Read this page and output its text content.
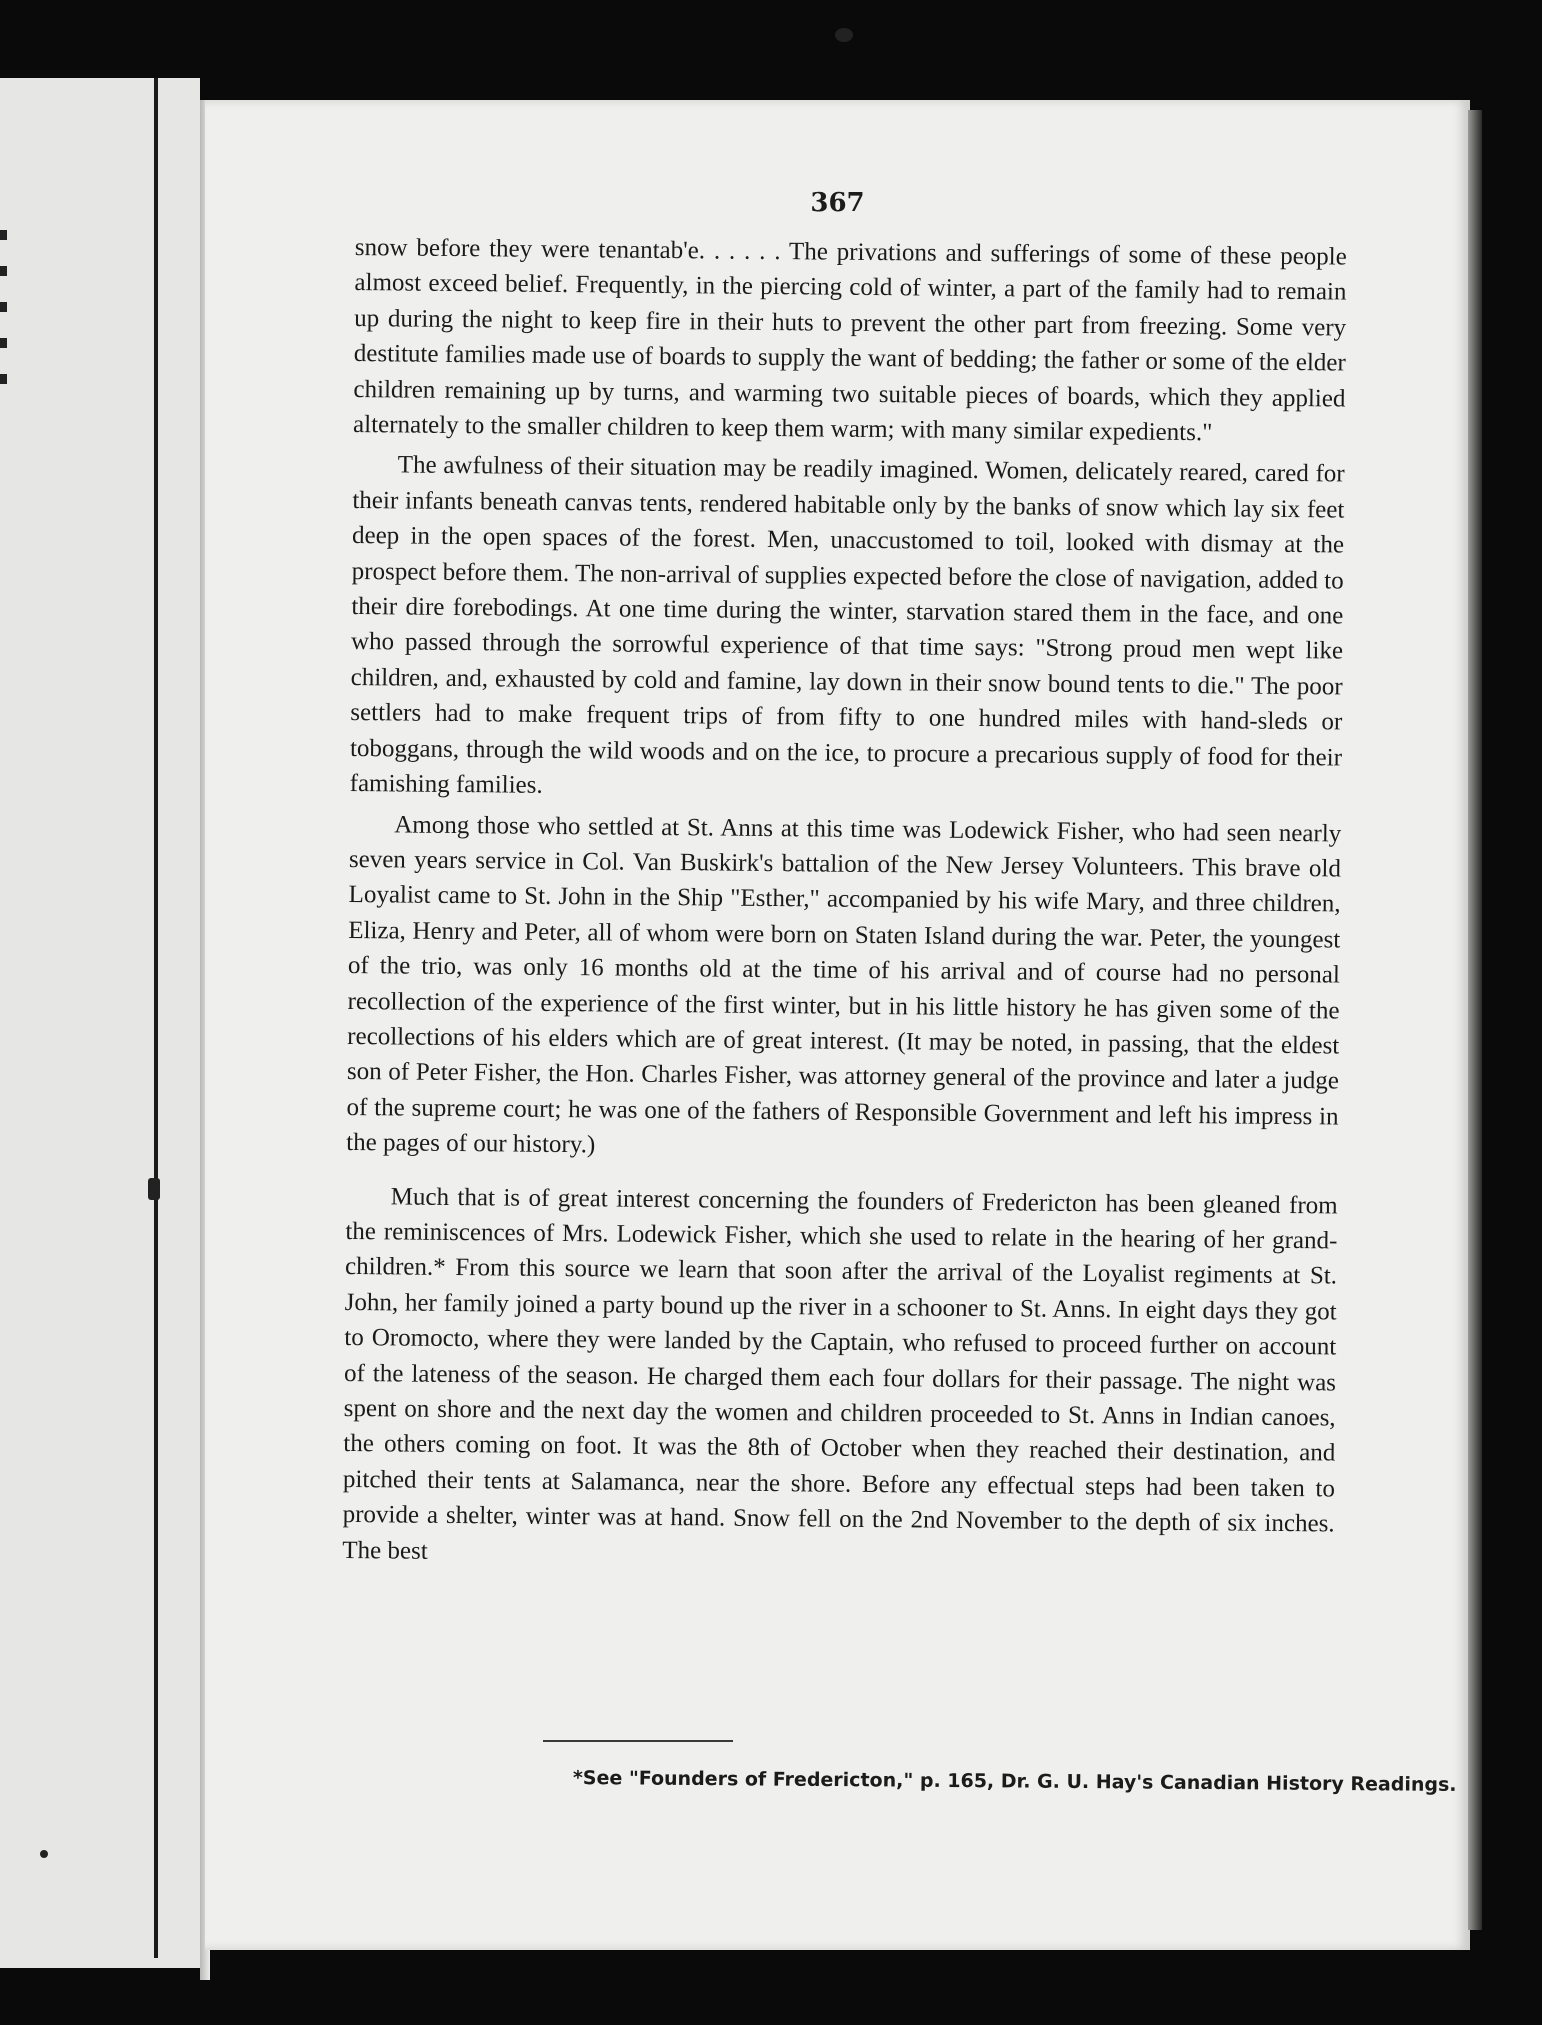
367

snow before they were tenantab'e. . . . . . The privations and sufferings of some of these people almost exceed belief. Frequently, in the piercing cold of winter, a part of the family had to remain up during the night to keep fire in their huts to prevent the other part from freezing. Some very destitute families made use of boards to supply the want of bedding; the father or some of the elder children remaining up by turns, and warming two suitable pieces of boards, which they applied alternately to the smaller children to keep them warm; with many similar expedients."

The awfulness of their situation may be readily imagined. Women, delicately reared, cared for their infants beneath canvas tents, rendered habitable only by the banks of snow which lay six feet deep in the open spaces of the forest. Men, unaccustomed to toil, looked with dismay at the prospect before them. The non-arrival of supplies expected before the close of navigation, added to their dire forebodings. At one time during the winter, starvation stared them in the face, and one who passed through the sorrowful experience of that time says: "Strong proud men wept like children, and, exhausted by cold and famine, lay down in their snow bound tents to die." The poor settlers had to make frequent trips of from fifty to one hundred miles with hand-sleds or toboggans, through the wild woods and on the ice, to procure a precarious supply of food for their famishing families.

Among those who settled at St. Anns at this time was Lodewick Fisher, who had seen nearly seven years service in Col. Van Buskirk's battalion of the New Jersey Volunteers. This brave old Loyalist came to St. John in the Ship "Esther," accompanied by his wife Mary, and three children, Eliza, Henry and Peter, all of whom were born on Staten Island during the war. Peter, the youngest of the trio, was only 16 months old at the time of his arrival and of course had no personal recollection of the experience of the first winter, but in his little history he has given some of the recollections of his elders which are of great interest. (It may be noted, in passing, that the eldest son of Peter Fisher, the Hon. Charles Fisher, was attorney general of the province and later a judge of the supreme court; he was one of the fathers of Responsible Government and left his impress in the pages of our history.)

Much that is of great interest concerning the founders of Fredericton has been gleaned from the reminiscences of Mrs. Lodewick Fisher, which she used to relate in the hearing of her grand-children.* From this source we learn that soon after the arrival of the Loyalist regiments at St. John, her family joined a party bound up the river in a schooner to St. Anns. In eight days they got to Oromocto, where they were landed by the Captain, who refused to proceed further on account of the lateness of the season. He charged them each four dollars for their passage. The night was spent on shore and the next day the women and children proceeded to St. Anns in Indian canoes, the others coming on foot. It was the 8th of October when they reached their destination, and pitched their tents at Salamanca, near the shore. Before any effectual steps had been taken to provide a shelter, winter was at hand. Snow fell on the 2nd November to the depth of six inches. The best

*See "Founders of Fredericton," p. 165, Dr. G. U. Hay's Canadian History Readings.
